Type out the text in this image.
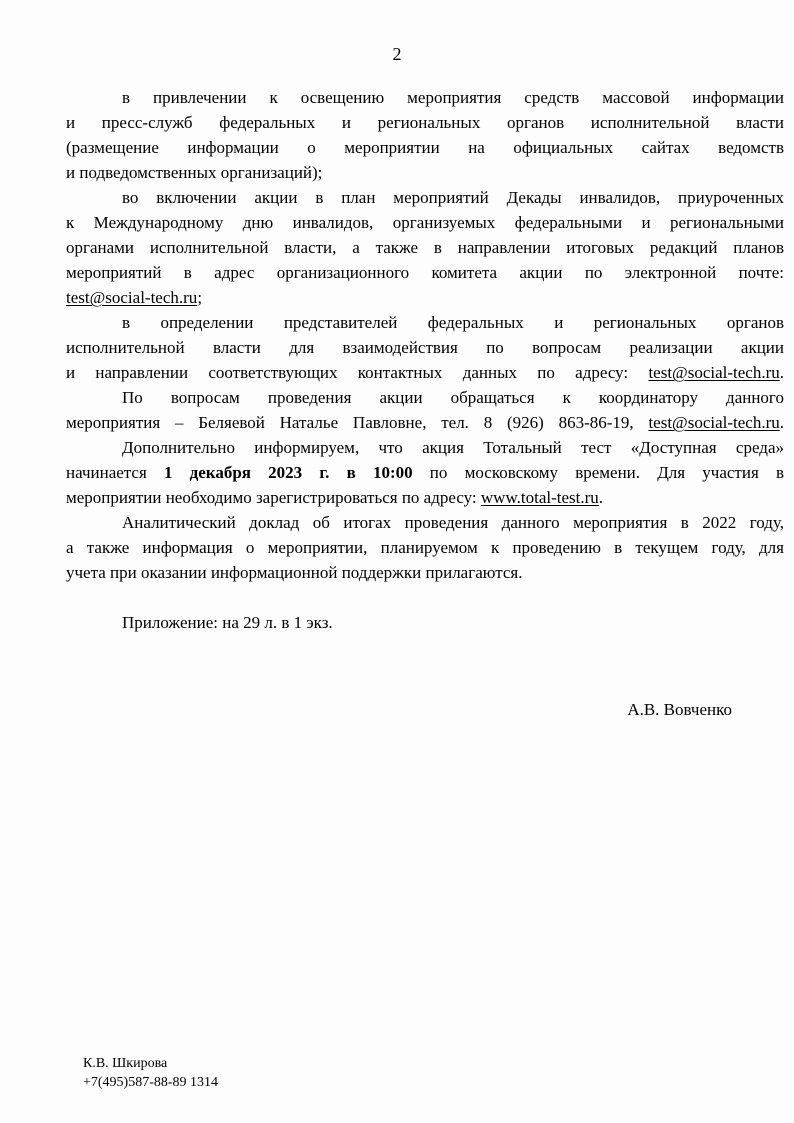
2
в привлечении к освещению мероприятия средств массовой информации
и пресс-служб федеральных и региональных органов исполнительной власти
(размещение информации о мероприятии на официальных сайтах ведомств
и подведомственных организаций);
во включении акции в план мероприятий Декады инвалидов, приуроченных
к Международному дню инвалидов, организуемых федеральными и региональными
органами исполнительной власти, а также в направлении итоговых редакций планов
мероприятий в адрес организационного комитета акции по электронной почте:
test@social-tech.ru;
в определении представителей федеральных и региональных органов
исполнительной власти для взаимодействия по вопросам реализации акции
и направлении соответствующих контактных данных по адресу: test@social-tech.ru.
По вопросам проведения акции обращаться к координатору данного
мероприятия – Беляевой Наталье Павловне, тел. 8 (926) 863-86-19, test@social-tech.ru.
Дополнительно информируем, что акция Тотальный тест «Доступная среда»
начинается 1 декабря 2023 г. в 10:00 по московскому времени. Для участия в
мероприятии необходимо зарегистрироваться по адресу: www.total-test.ru.
Аналитический доклад об итогах проведения данного мероприятия в 2022 году,
а также информация о мероприятии, планируемом к проведению в текущем году, для
учета при оказании информационной поддержки прилагаются.
Приложение: на 29 л. в 1 экз.
А.В. Вовченко
К.В. Шкирова
+7(495)587-88-89 1314
